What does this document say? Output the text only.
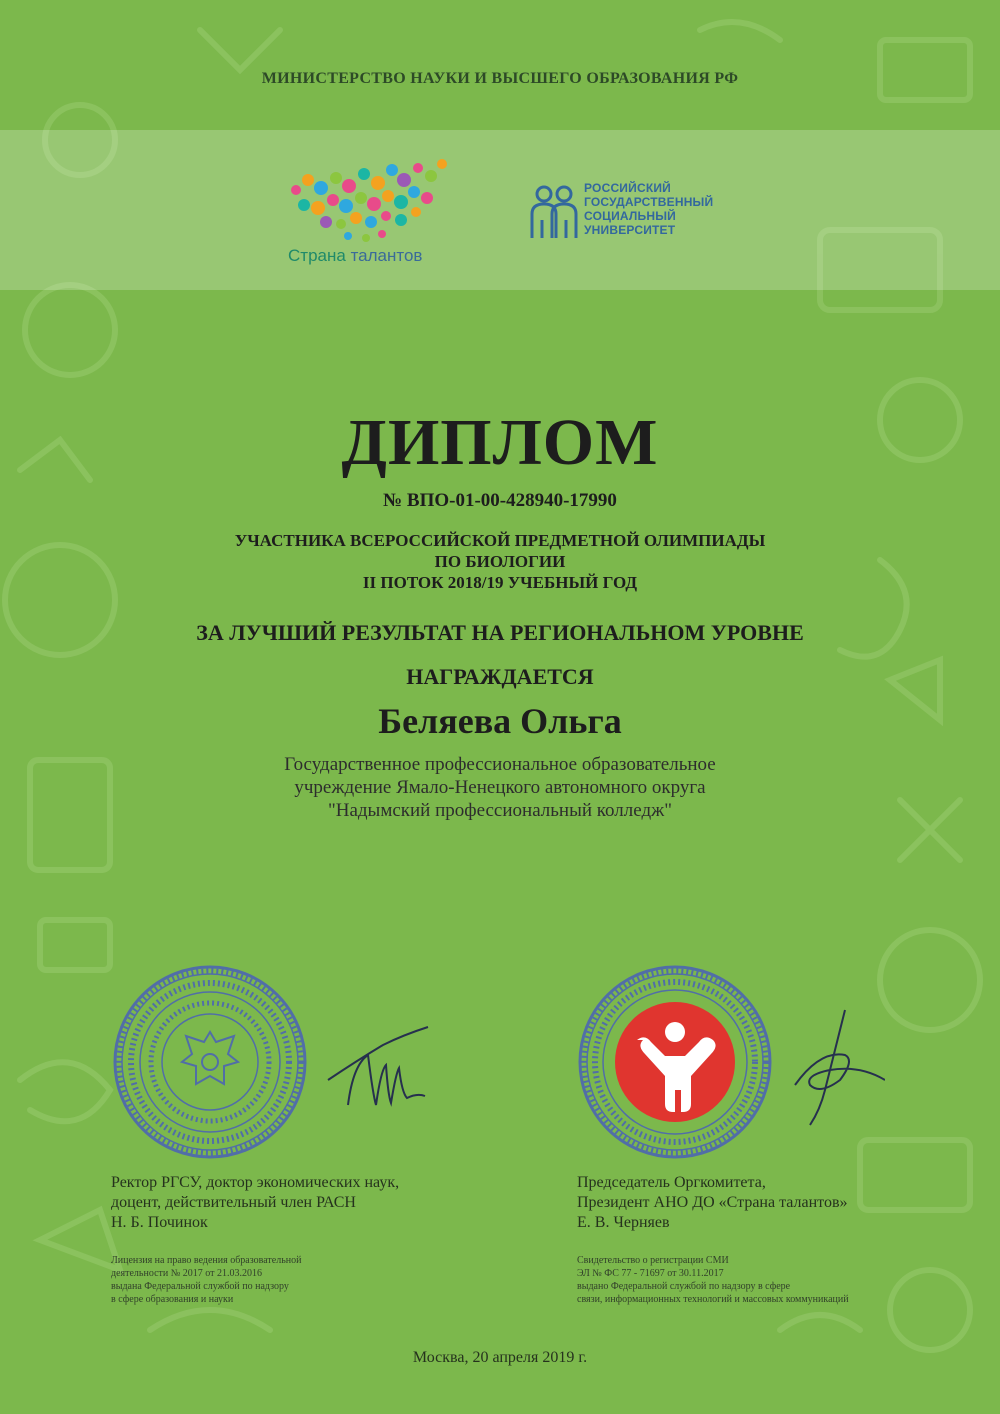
МИНИСТЕРСТВО НАУКИ И ВЫСШЕГО ОБРАЗОВАНИЯ РФ
Страна талантов
РОССИЙСКИЙ
ГОСУДАРСТВЕННЫЙ
СОЦИАЛЬНЫЙ
УНИВЕРСИТЕТ
ДИПЛОМ
№ ВПО-01-00-428940-17990
УЧАСТНИКА ВСЕРОССИЙСКОЙ ПРЕДМЕТНОЙ ОЛИМПИАДЫ
ПО БИОЛОГИИ
II ПОТОК 2018/19 УЧЕБНЫЙ ГОД
ЗА ЛУЧШИЙ РЕЗУЛЬТАТ НА РЕГИОНАЛЬНОМ УРОВНЕ
НАГРАЖДАЕТСЯ
Беляева Ольга
Государственное профессиональное образовательное
учреждение Ямало-Ненецкого автономного округа
"Надымский профессиональный колледж"
Ректор РГСУ, доктор экономических наук,
доцент, действительный член РАСН
Н. Б. Починок
Председатель Оргкомитета,
Президент АНО ДО «Страна талантов»
Е. В. Черняев
Лицензия на право ведения образовательной
деятельности № 2017 от 21.03.2016
выдана Федеральной службой по надзору
в сфере образования и науки
Свидетельство о регистрации СМИ
ЭЛ № ФС 77 - 71697 от 30.11.2017
выдано Федеральной службой по надзору в сфере
связи, информационных технологий и массовых коммуникаций
Москва, 20 апреля 2019 г.
